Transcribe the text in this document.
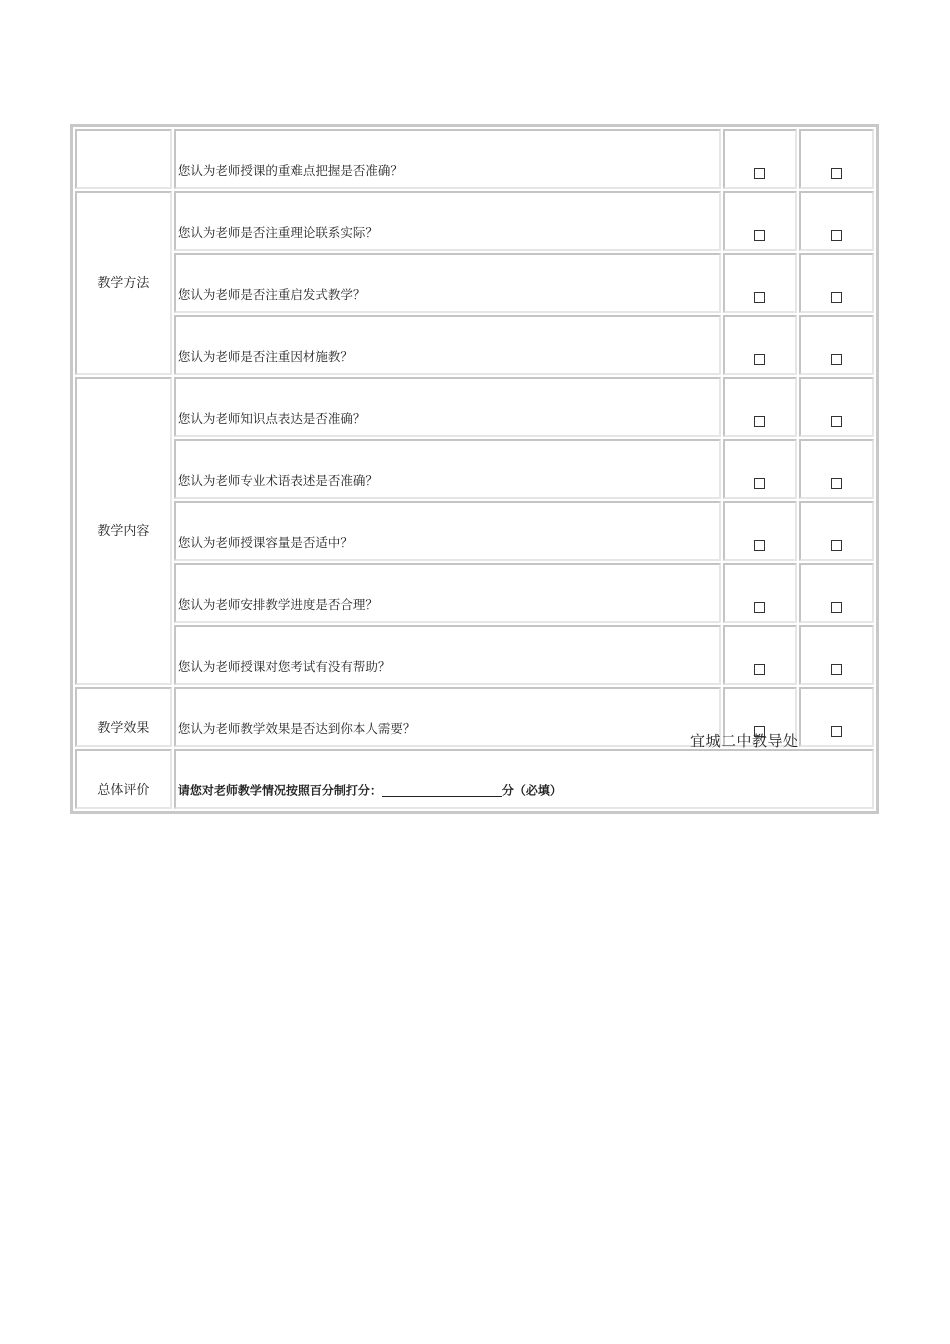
	您认为老师授课的重难点把握是否准确？		
教学方法	您认为老师是否注重理论联系实际？		
	您认为老师是否注重启发式教学？		
	您认为老师是否注重因材施教？		
教学内容	您认为老师知识点表达是否准确？		
	您认为老师专业术语表述是否准确？		
	您认为老师授课容量是否适中？		
	您认为老师安排教学进度是否合理？		
	您认为老师授课对您考试有没有帮助？		
教学效果	您认为老师教学效果是否达到你本人需要？		
总体评价	请您对老师教学情况按照百分制打分： 分（必填）		
宜城二中教导处
